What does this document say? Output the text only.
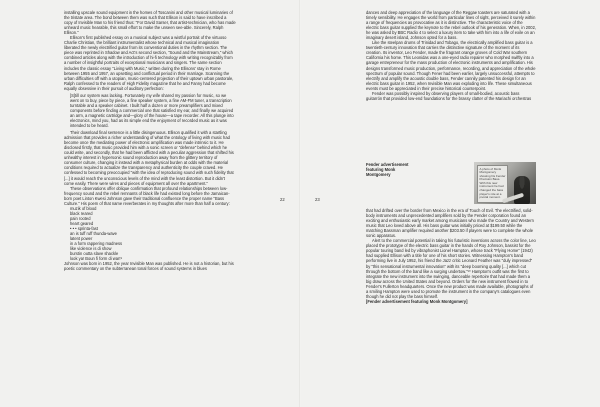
installing upscale sound equipment in the homes of Toscanini and other musical luminaries of the tristate area. The bond between them was such that Ellison is said to have inscribed a copy of Invisible Man to his friend thus: "For David Sarser, that artist-technician, who has made unheard music hearable, this small effort to make the unseen see-able. Sincerely, Ralph Ellison."

Ellison's first published essay on a musical subject was a wistful portrait of the virtuoso Charlie Christian, the brilliant instrumentalist whose technical and musical imagination liberated the newly electrified guitar from its conventional duties in the rhythm section. The piece was reprinted in Shadow and Act's second section, "Sound and the Mainstream," which combined articles along with the introduction of hi-fi technology with writing recognizably from a number of insightful portraits of exceptional musicians and singers. The same section includes the classic essay "Living with Music," written during the Ellisons' stay in Rome between 1955 and 1957, an upsetting and conflictual period in their marriage. Scanning the urban difficulties off with a utopian, music-centered projection of their uptown urban pastorale, Ralph confessed to the readers of High Fidelity magazine that he and Fanny had become equally obsessive in their pursuit of auditory perfection:

[S]till our system was lacking. Fortunately my wife shared my passion for music, so we went on to buy, piece by piece, a fine speaker system, a fine AM-FM tuner, a transcription turntable and a speaker cabinet. I built half a dozen or more preamplifiers and mixed components before finding a commercial one that satisfied my ear, and finally we acquired an arm, a magnetic cartridge and—glory of the house—a tape recorder. All this plunge into electronics, mind you, had as its simple end the enjoyment of recorded music as it was intended to be heard.

Their download final sentence is a little disingenuous. Ellison qualified it with a startling admission that provides a richer understanding of what the ontology of living with music had become once the mediating power of electronic amplification was made intrinsic to it. He disclosed firstly, that music provided him with a sonic screen or "defense" behind which he could write, and secondly, that he had been afflicted with a peculiar aggression that shifted his unhealthy interest in hypersonic sound reproduction away from the glittery territory of consumer culture, changing it instead with a metaphysical burden at odds with the material conditions required to actualize the transparency and authenticity the couple craved. He confessed to becoming preoccupied "with the idea of reproducing sound with such fidelity that [...] it would reach the unconscious levels of the mind with the least distortion. But it didn't come easily. There were wires and pieces of equipment all over the apartment."

These observations offer oblique confirmation that profound relationships between low-frequency sound and the rebel remnants of black life had existed long before the Jamaican-born poet Linton Kwesi Johnson gave their traditional confluence the proper name "Bass Culture." His poem of that name reverberates in my thoughts after more than half a century:

muzik of blood
black reared
pain rooted
heart geared
• • • sprinta-fast
an is tuff ruff thunda-wave
latent power
in a form rappering madness
like violence is di show
burstin outta slave shackle
look ya! Boun fi form di war!⁹

Johnson was born in 1952, the year Invisible Man was published. He is not a historian, but his poetic commentary on the subterranean tonal forces of sound systems in blues

22	23

dances and deep appreciation of the language of the Reggae toasters are saturated with a timely sensibility. He engages the world from particular lines of sight, perceived it surely within a range of frequencies as provocative as it is distinctive. The characteristic voice of the electric bass guitar supplied the keynote to the rebel outlook of his generation. When, in 2002, he was asked by BBC Radio 4 to select a luxury item to take with him into a life of exile on an imaginary desert island, Johnson opted for a bass.

Like the steelpan drums of Trinidad and Tobago, the electrically amplified bass guitar is a twentieth-century innovation that carries the distinctive signature of the moment of its creation. Its inventor, Leo Fender, made the fragrant orange groves of Cold War southern California his home. This Leonidas was a one-eyed radio repairer who morphed swiftly into a garage entrepreneur for the mass production of electronic instruments and amplification. His designs transformed music production, performance, recording, and appreciation of the whole spectrum of popular sound. Though Fener had been earlier, largely unsuccessful, attempts to electrify and amplify the acoustic double bass, Fender cannily patented his design for an electric bass guitar in 1952, when Invisible Man was exploding into life. These simultaneous events must be appreciated in their precise historical counterpoint.

Fender was possibly inspired by observing players of small-bodied, acoustic bass guitarrón that provided low-end foundations for the brassy clatter of the Mariachi orchestras

Fender advertisement featuring Monk Montgomery
A photo of Monk Montgomery showing his Fender Precision Bass. With this new instrument he had changed the bass player's role at a pivotal moment.

that had drifted over the border from Mexico in the era of Touch of Evil. The electrified, solid-body instruments and unprecedented amplifiers sold by the Fender corporation found an exciting and enthusiastic early market among musicians who made the Country and Western music that Leo loved above all. His bass guitar was initially priced at $199.50 while the matching Bassman amplifier required another $203.50 if players were to complete the whole sonic apparatus.

Alert to the commercial potential in taking his futuristic inventions across the color line, Leo placed the prototype of the electric bass guitar in the hands of Roy Johnson, bassist for the popular touring band led by vibraphonist Lionel Hampton, whose track "Flying Home" (1942) had supplied Ellison with a title for one of his short stories. Witnessing Hampton's band performing live in July 1952, his friend the Jazz critic Leonard Feather was "duly impressed" by "this sensational instrumental innovation" with its "deep booming quality [...] which cut through the bottom of the band like a surging undertow."¹⁰ Hampton's outfit was the first to integrate the new instrument into the swinging, danceable repertoire that had made them a big draw across the United States and beyond. Orders for the new instrument flowed in to Fender's Fullerton headquarters. Once the new product was made available, photographs of a smiling Hampton were used to promote the instrument in the company's catalogues even though he did not play the bass himself.

[Fender advertisement featuring Monk Montgomery]
